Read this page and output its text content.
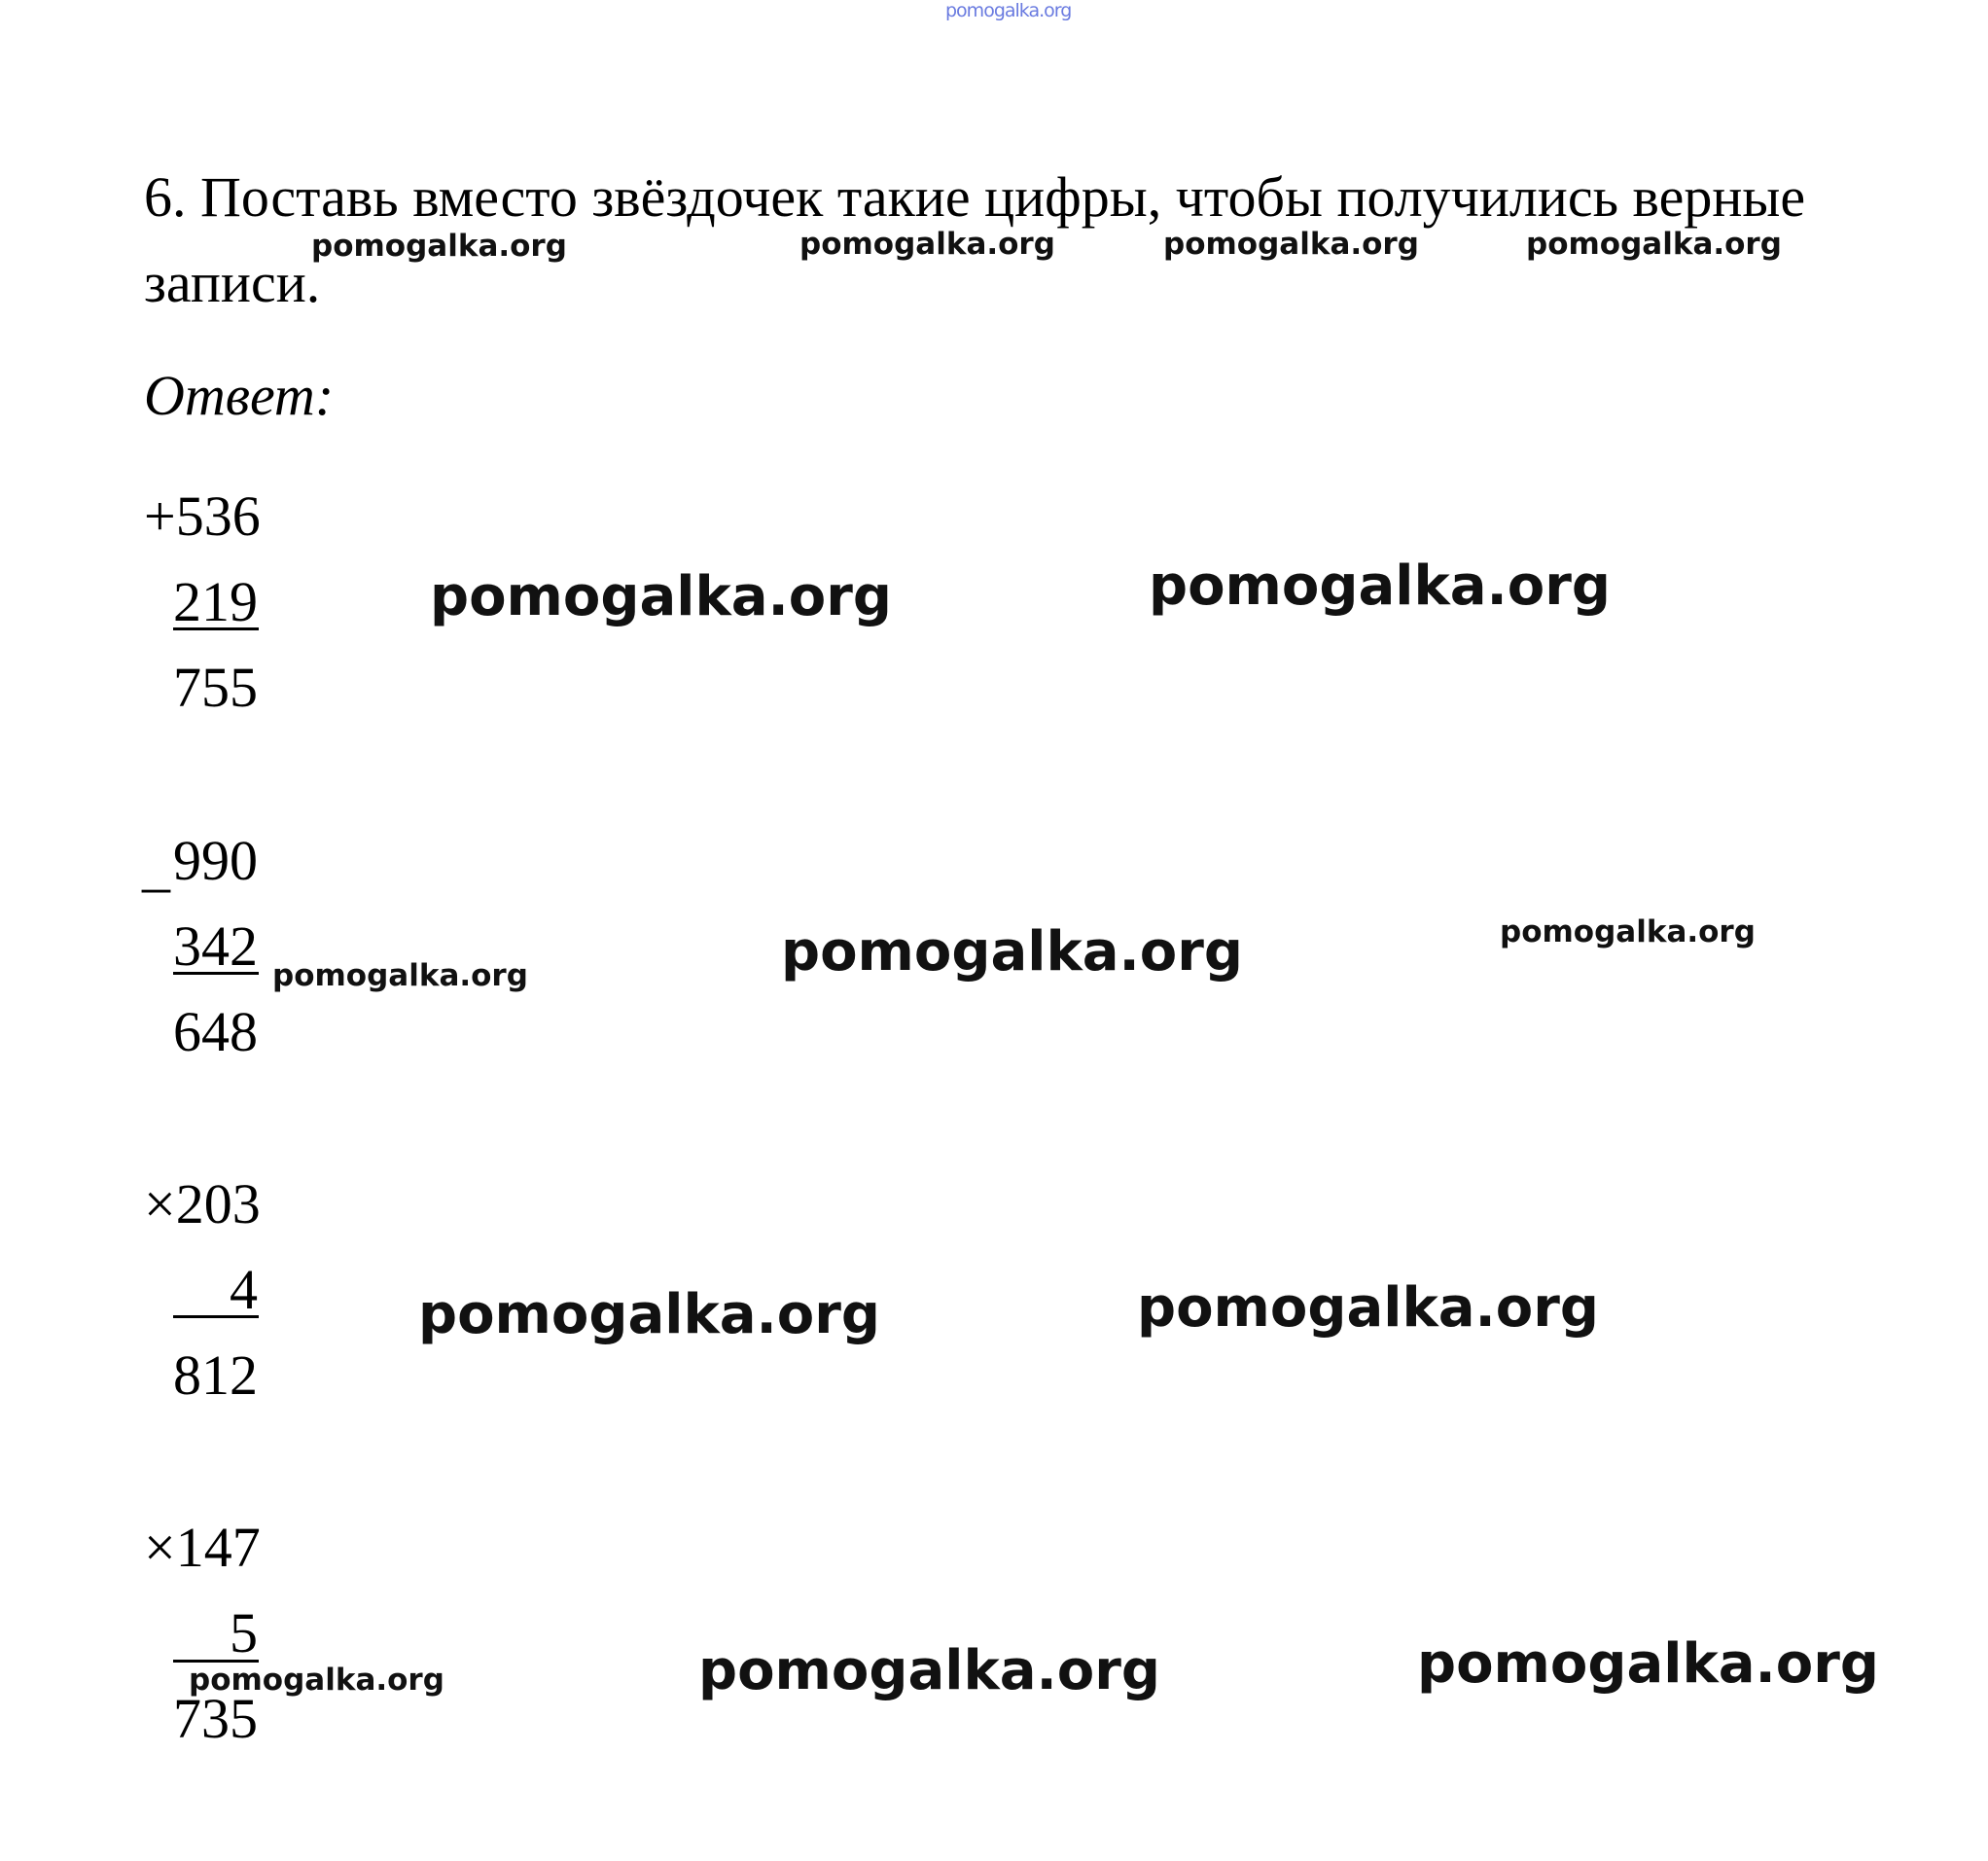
pomogalka.org
6. Поставь вместо звёздочек такие цифры, чтобы получились верные
записи.
Ответ:
+536
219
755
_ 990
342
648
×203
4
812
×147
5
735
pomogalka.org	pomogalka.org	pomogalka.org	pomogalka.org
pomogalka.org	pomogalka.org
pomogalka.org	pomogalka.org	pomogalka.org
pomogalka.org	pomogalka.org
pomogalka.org	pomogalka.org	pomogalka.org
